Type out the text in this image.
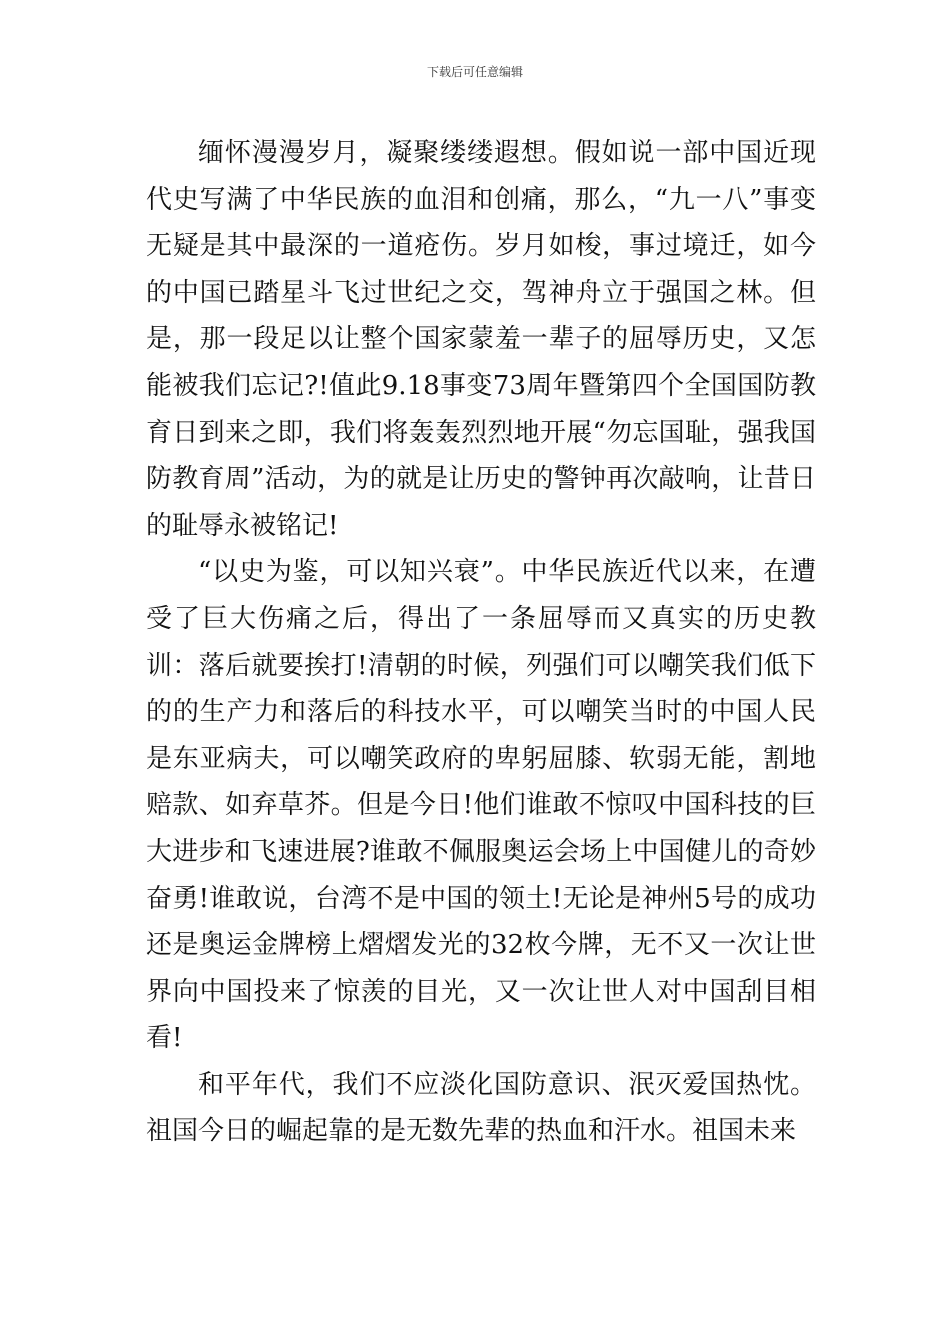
下载后可任意编辑

缅怀漫漫岁月，凝聚缕缕遐想。假如说一部中国近现代史写满了中华民族的血泪和创痛，那么，“九一八”事变无疑是其中最深的一道疮伤。岁月如梭，事过境迁，如今的中国已踏星斗飞过世纪之交，驾神舟立于强国之林。但是，那一段足以让整个国家蒙羞一辈子的屈辱历史，又怎能被我们忘记?!值此9.18事变73周年暨第四个全国国防教育日到来之即，我们将轰轰烈烈地开展“勿忘国耻，强我国防教育周”活动，为的就是让历史的警钟再次敲响，让昔日的耻辱永被铭记!

“以史为鉴，可以知兴衰”。中华民族近代以来，在遭受了巨大伤痛之后，得出了一条屈辱而又真实的历史教训：落后就要挨打!清朝的时候，列强们可以嘲笑我们低下的的生产力和落后的科技水平，可以嘲笑当时的中国人民是东亚病夫，可以嘲笑政府的卑躬屈膝、软弱无能，割地赔款、如弃草芥。但是今日!他们谁敢不惊叹中国科技的巨大进步和飞速进展?谁敢不佩服奥运会场上中国健儿的奇妙奋勇!谁敢说，台湾不是中国的领土!无论是神州5号的成功还是奥运金牌榜上熠熠发光的32枚今牌，无不又一次让世界向中国投来了惊羡的目光，又一次让世人对中国刮目相看!

和平年代，我们不应淡化国防意识、泯灭爱国热忱。祖国今日的崛起靠的是无数先辈的热血和汗水。祖国未来
